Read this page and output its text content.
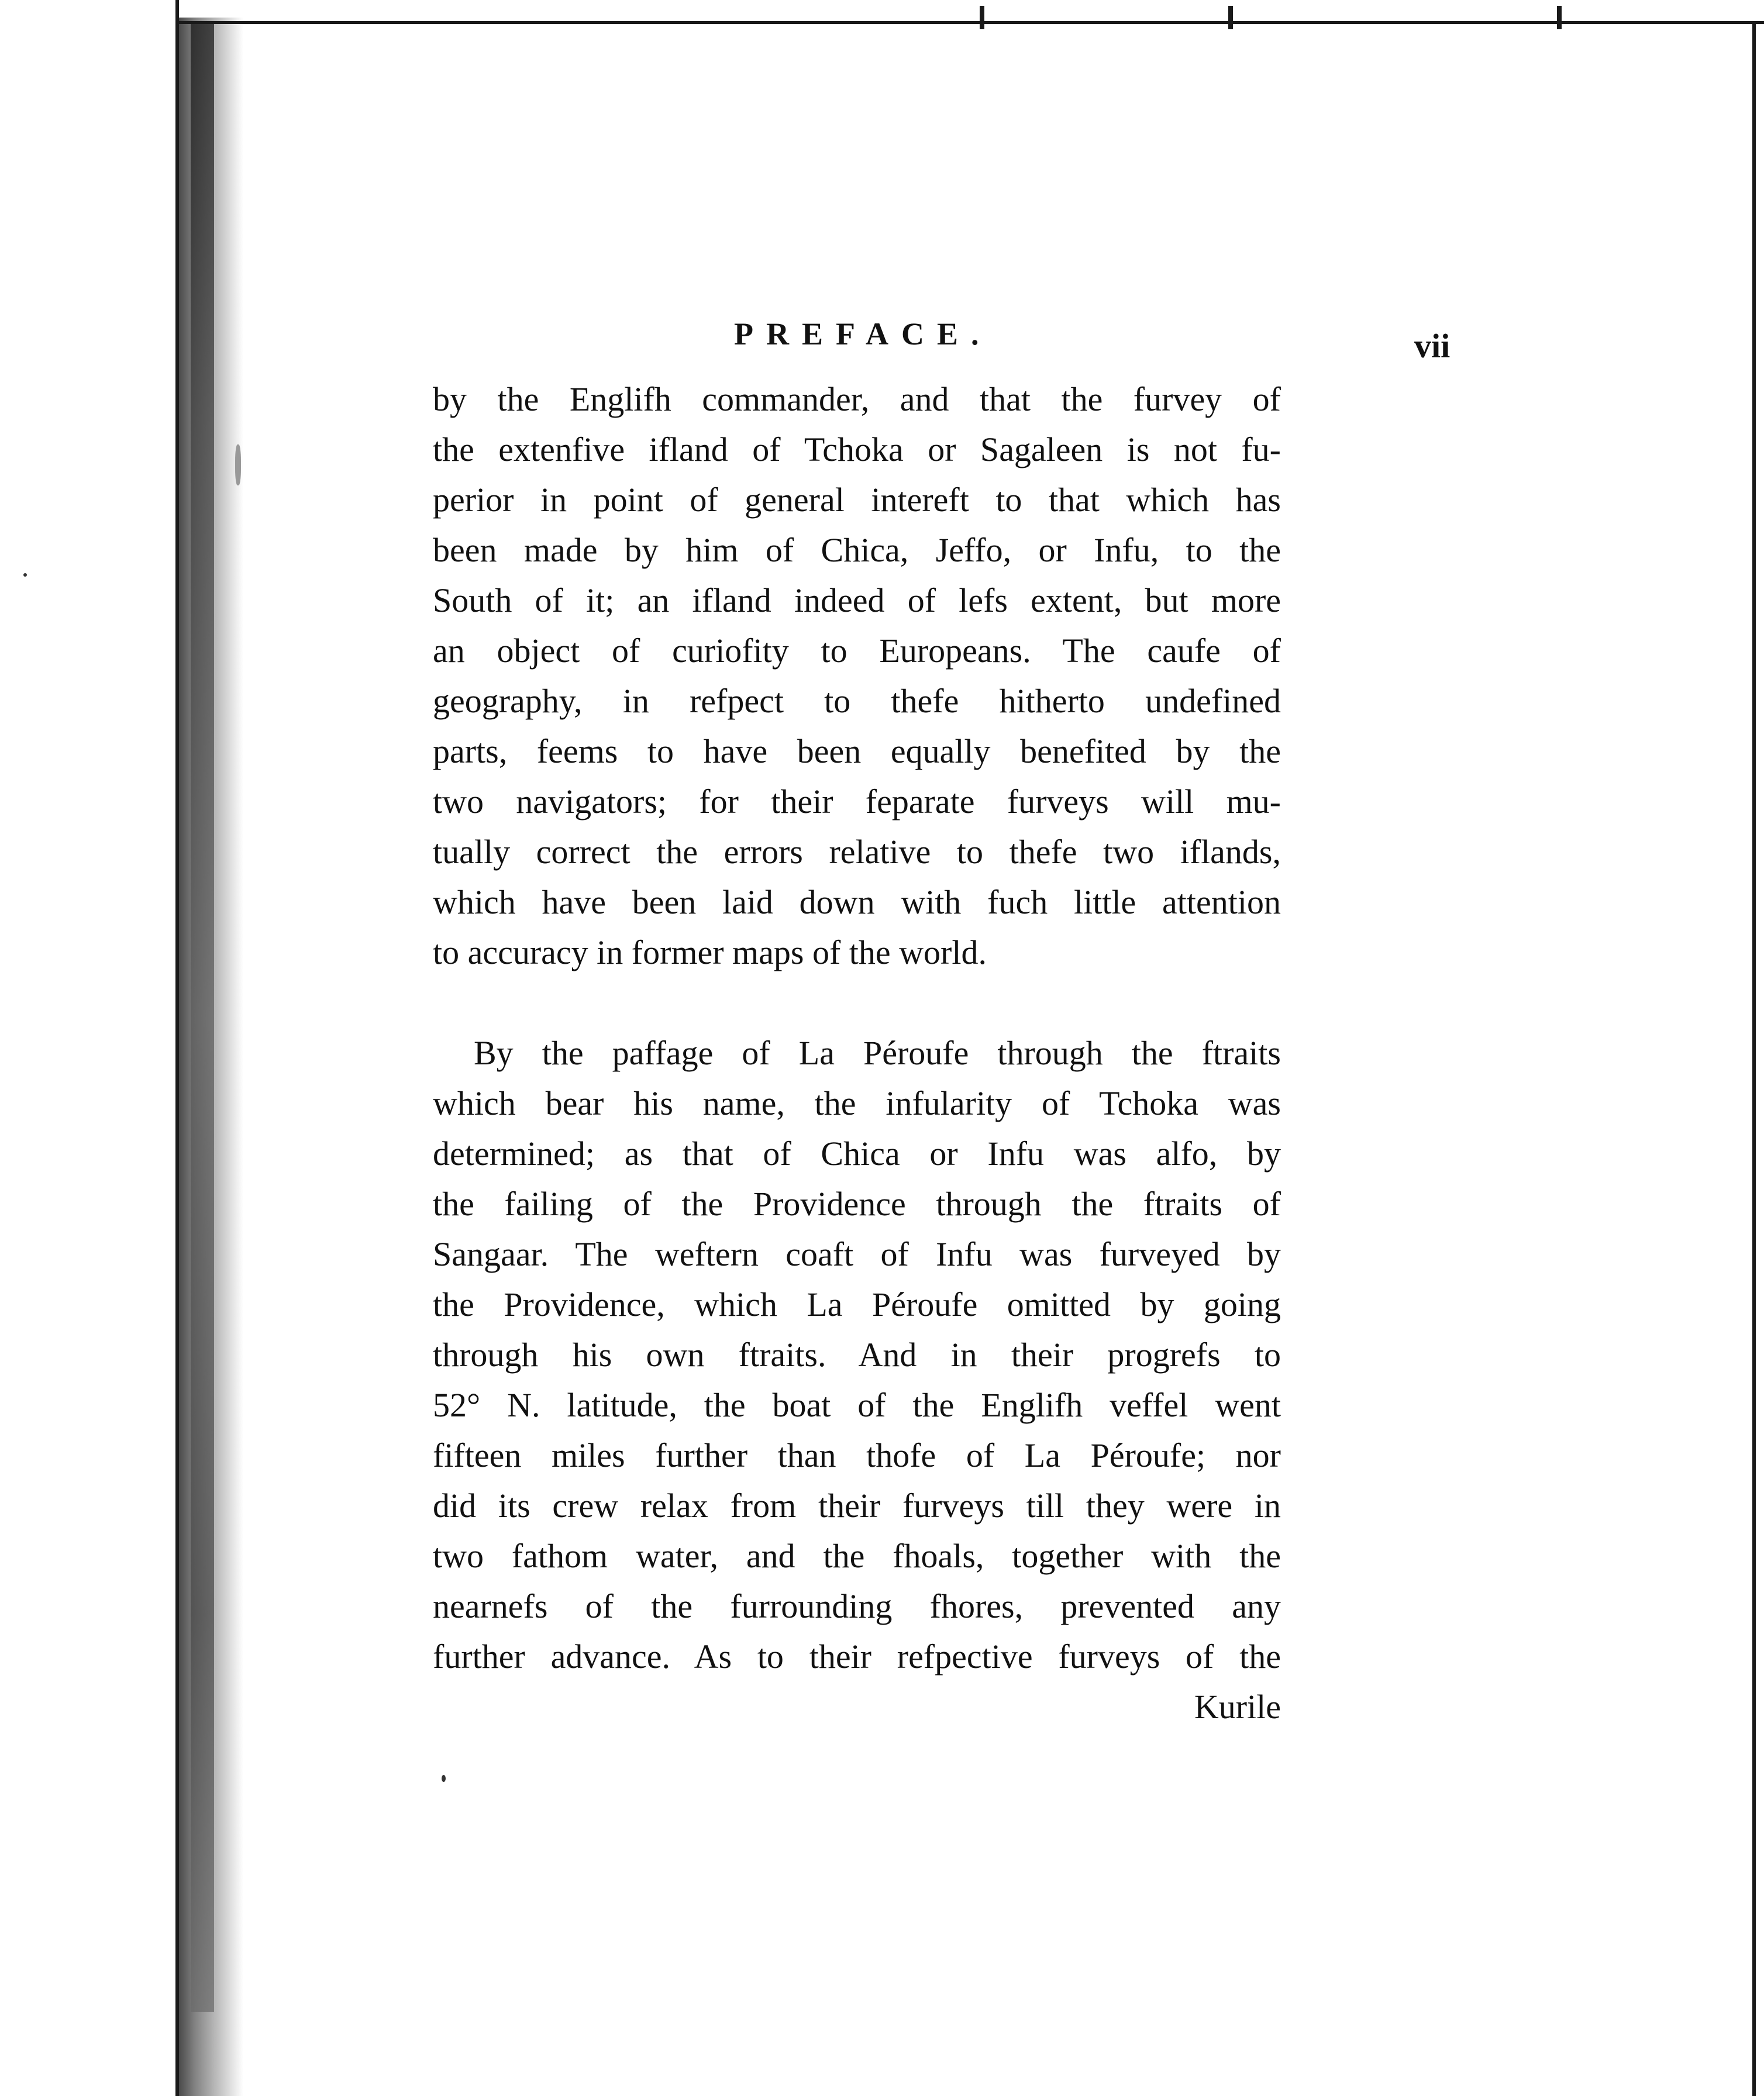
PREFACE.	vii
by the Englifh commander, and that the furvey of
the extenfive ifland of Tchoka or Sagaleen is not fu-
perior in point of general intereft to that which has
been made by him of Chica, Jeffo, or Infu, to the
South of it; an ifland indeed of lefs extent, but more
an object of curiofity to Europeans. The caufe of
geography, in refpect to thefe hitherto undefined
parts, feems to have been equally benefited by the
two navigators; for their feparate furveys will mu-
tually correct the errors relative to thefe two iflands,
which have been laid down with fuch little attention
to accuracy in former maps of the world.
By the paffage of La Péroufe through the ftraits
which bear his name, the infularity of Tchoka was
determined; as that of Chica or Infu was alfo, by
the failing of the Providence through the ftraits of
Sangaar. The weftern coaft of Infu was furveyed by
the Providence, which La Péroufe omitted by going
through his own ftraits. And in their progrefs to
52° N. latitude, the boat of the Englifh veffel went
fifteen miles further than thofe of La Péroufe; nor
did its crew relax from their furveys till they were in
two fathom water, and the fhoals, together with the
nearnefs of the furrounding fhores, prevented any
further advance. As to their refpective furveys of the
Kurile
